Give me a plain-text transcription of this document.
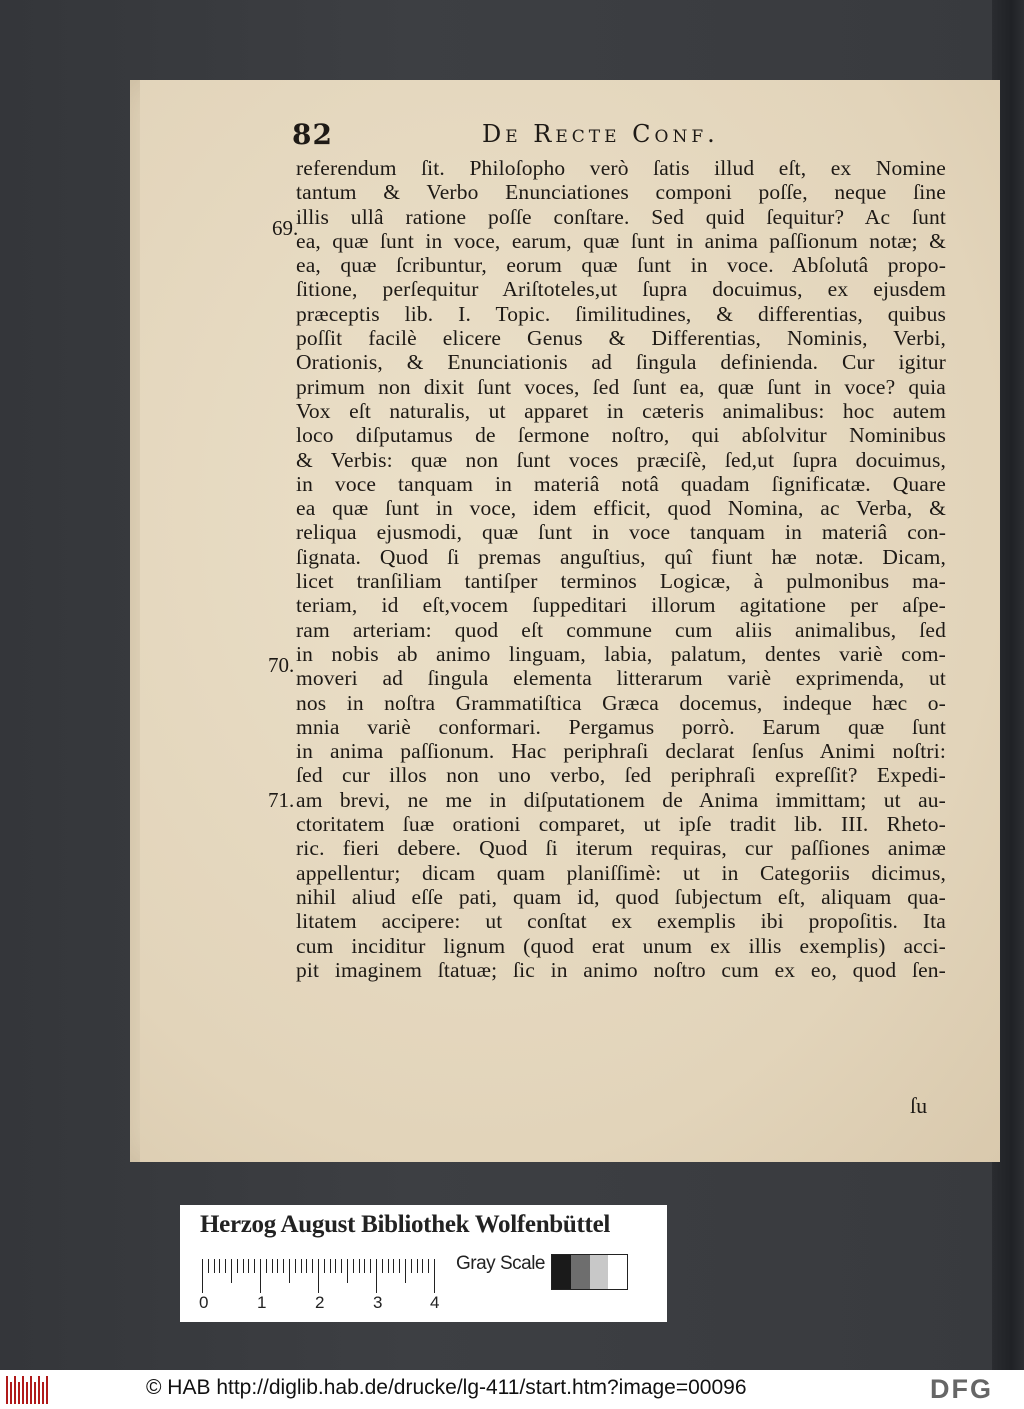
82	De Recte Conf.
69.
70.
71.
referendum ſit. Philoſopho verò ſatis illud eſt, ex Nomine
tantum & Verbo Enunciationes componi poſſe, neque ſine
illis ullâ ratione poſſe conſtare. Sed quid ſequitur? Ac ſunt
ea, quæ ſunt in voce, earum, quæ ſunt in anima paſſionum notæ; &
ea, quæ ſcribuntur, eorum quæ ſunt in voce. Abſolutâ propo-
ſitione, perſequitur Ariſtoteles,ut ſupra docuimus, ex ejusdem
præceptis lib. I. Topic. ſimilitudines, & differentias, quibus
poſſit facilè elicere Genus & Differentias, Nominis, Verbi,
Orationis, & Enunciationis ad ſingula definienda. Cur igitur
primum non dixit ſunt voces, ſed ſunt ea, quæ ſunt in voce? quia
Vox eſt naturalis, ut apparet in cæteris animalibus: hoc autem
loco diſputamus de ſermone noſtro, qui abſolvitur Nominibus
& Verbis: quæ non ſunt voces præciſè, ſed,ut ſupra docuimus,
in voce tanquam in materiâ notâ quadam ſignificatæ. Quare
ea quæ ſunt in voce, idem efficit, quod Nomina, ac Verba, &
reliqua ejusmodi, quæ ſunt in voce tanquam in materiâ con-
ſignata. Quod ſi premas anguſtius, quî fiunt hæ notæ. Dicam,
licet tranſiliam tantiſper terminos Logicæ, à pulmonibus ma-
teriam, id eſt,vocem ſuppeditari illorum agitatione per aſpe-
ram arteriam: quod eſt commune cum aliis animalibus, ſed
in nobis ab animo linguam, labia, palatum, dentes variè com-
moveri ad ſingula elementa litterarum variè exprimenda, ut
nos in noſtra Grammatiſtica Græca docemus, indeque hæc o-
mnia variè conformari. Pergamus porrò. Earum quæ ſunt
in anima paſſionum. Hac periphraſi declarat ſenſus Animi noſtri:
ſed cur illos non uno verbo, ſed periphraſi expreſſit? Expedi-
am brevi, ne me in diſputationem de Anima immittam; ut au-
ctoritatem ſuæ orationi comparet, ut ipſe tradit lib. III. Rheto-
ric. fieri debere. Quod ſi iterum requiras, cur paſſiones animæ
appellentur; dicam quam planiſſimè: ut in Categoriis dicimus,
nihil aliud eſſe pati, quam id, quod ſubjectum eſt, aliquam qua-
litatem accipere: ut conſtat ex exemplis ibi propoſitis. Ita
cum inciditur lignum (quod erat unum ex illis exemplis) acci-
pit imaginem ſtatuæ; ſic in animo noſtro cum ex eo, quod ſen-
ſu
Herzog August Bibliothek Wolfenbüttel
0	1	2	3	4
Gray Scale
© HAB http://diglib.hab.de/drucke/lg-411/start.htm?image=00096	DFG
